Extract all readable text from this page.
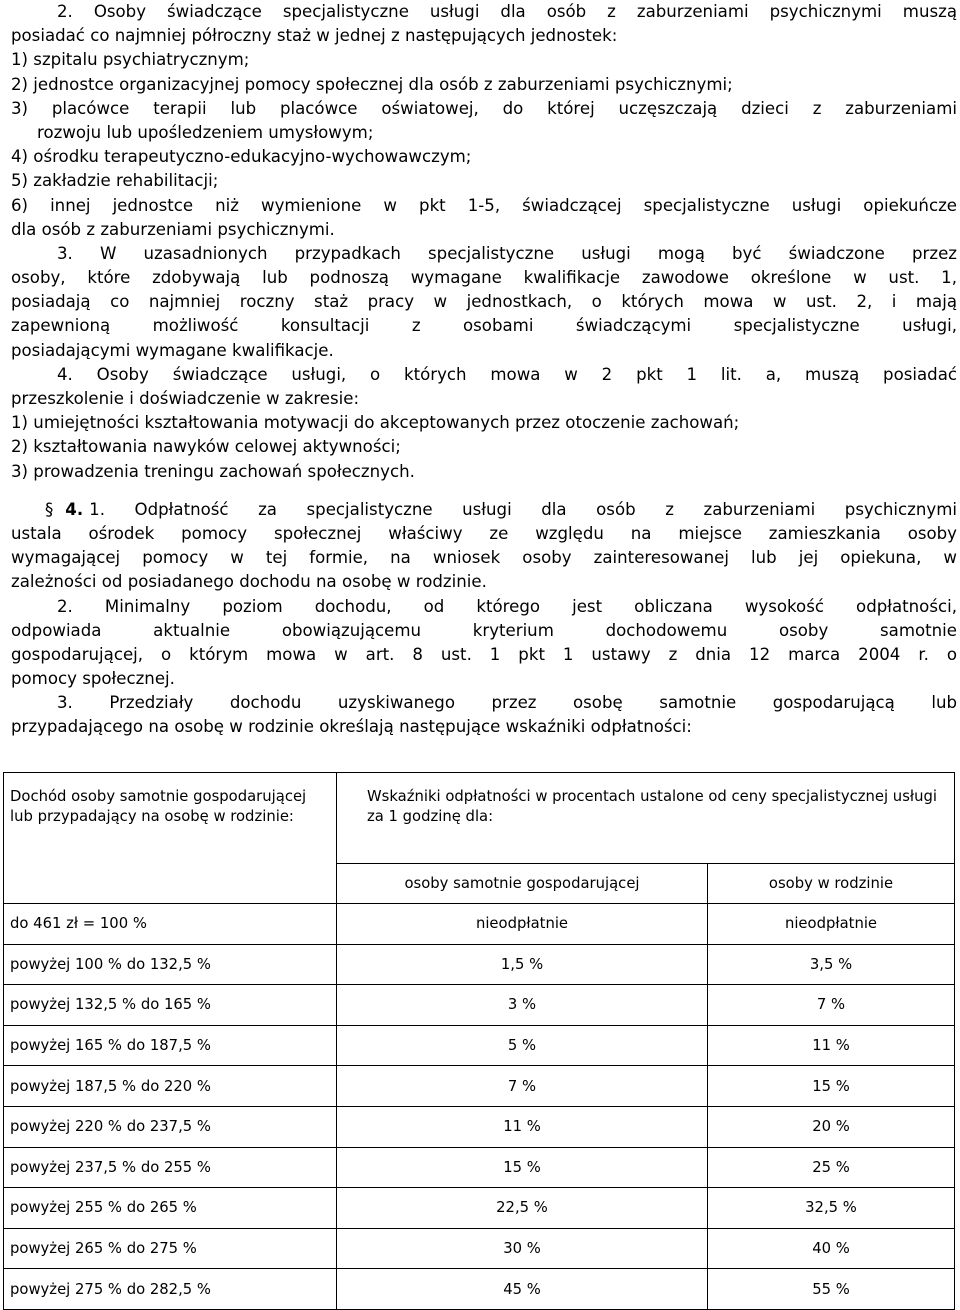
2. Osoby świadczące specjalistyczne usługi dla osób z zaburzeniami psychicznymi muszą
posiadać co najmniej półroczny staż w jednej z następujących jednostek:
1) szpitalu psychiatrycznym;
2) jednostce organizacyjnej pomocy społecznej dla osób z zaburzeniami psychicznymi;
3) placówce terapii lub placówce oświatowej, do której uczęszczają dzieci z zaburzeniami
rozwoju lub upośledzeniem umysłowym;
4) ośrodku terapeutyczno-edukacyjno-wychowawczym;
5) zakładzie rehabilitacji;
6) innej jednostce niż wymienione w pkt 1-5, świadczącej specjalistyczne usługi opiekuńcze
dla osób z zaburzeniami psychicznymi.
3. W uzasadnionych przypadkach specjalistyczne usługi mogą być świadczone przez
osoby, które zdobywają lub podnoszą wymagane kwalifikacje zawodowe określone w ust. 1,
posiadają co najmniej roczny staż pracy w jednostkach, o których mowa w ust. 2, i mają
zapewnioną możliwość konsultacji z osobami świadczącymi specjalistyczne usługi,
posiadającymi wymagane kwalifikacje.
4. Osoby świadczące usługi, o których mowa w 2 pkt 1 lit. a, muszą posiadać
przeszkolenie i doświadczenie w zakresie:
1) umiejętności kształtowania motywacji do akceptowanych przez otoczenie zachowań;
2) kształtowania nawyków celowej aktywności;
3) prowadzenia treningu zachowań społecznych.
§ 4. 1. Odpłatność za specjalistyczne usługi dla osób z zaburzeniami psychicznymi
ustala ośrodek pomocy społecznej właściwy ze względu na miejsce zamieszkania osoby
wymagającej pomocy w tej formie, na wniosek osoby zainteresowanej lub jej opiekuna, w
zależności od posiadanego dochodu na osobę w rodzinie.
2. Minimalny poziom dochodu, od którego jest obliczana wysokość odpłatności,
odpowiada aktualnie obowiązującemu kryterium dochodowemu osoby samotnie
gospodarującej, o którym mowa w art. 8 ust. 1 pkt 1 ustawy z dnia 12 marca 2004 r. o
pomocy społecznej.
3. Przedziały dochodu uzyskiwanego przez osobę samotnie gospodarującą lub
przypadającego na osobę w rodzinie określają następujące wskaźniki odpłatności:
Dochód osoby samotnie gospodarującej lub przypadający na osobę w rodzinie:	Wskaźniki odpłatności w procentach ustalone od ceny specjalistycznej usługi za 1 godzinę dla:	
	osoby samotnie gospodarującej	osoby w rodzinie
do 461 zł = 100 %	nieodpłatnie	nieodpłatnie
powyżej 100 % do 132,5 %	1,5 %	3,5 %
powyżej 132,5 % do 165 %	3 %	7 %
powyżej 165 % do 187,5 %	5 %	11 %
powyżej 187,5 % do 220 %	7 %	15 %
powyżej 220 % do 237,5 %	11 %	20 %
powyżej 237,5 % do 255 %	15 %	25 %
powyżej 255 % do 265 %	22,5 %	32,5 %
powyżej 265 % do 275 %	30 %	40 %
powyżej 275 % do 282,5 %	45 %	55 %
